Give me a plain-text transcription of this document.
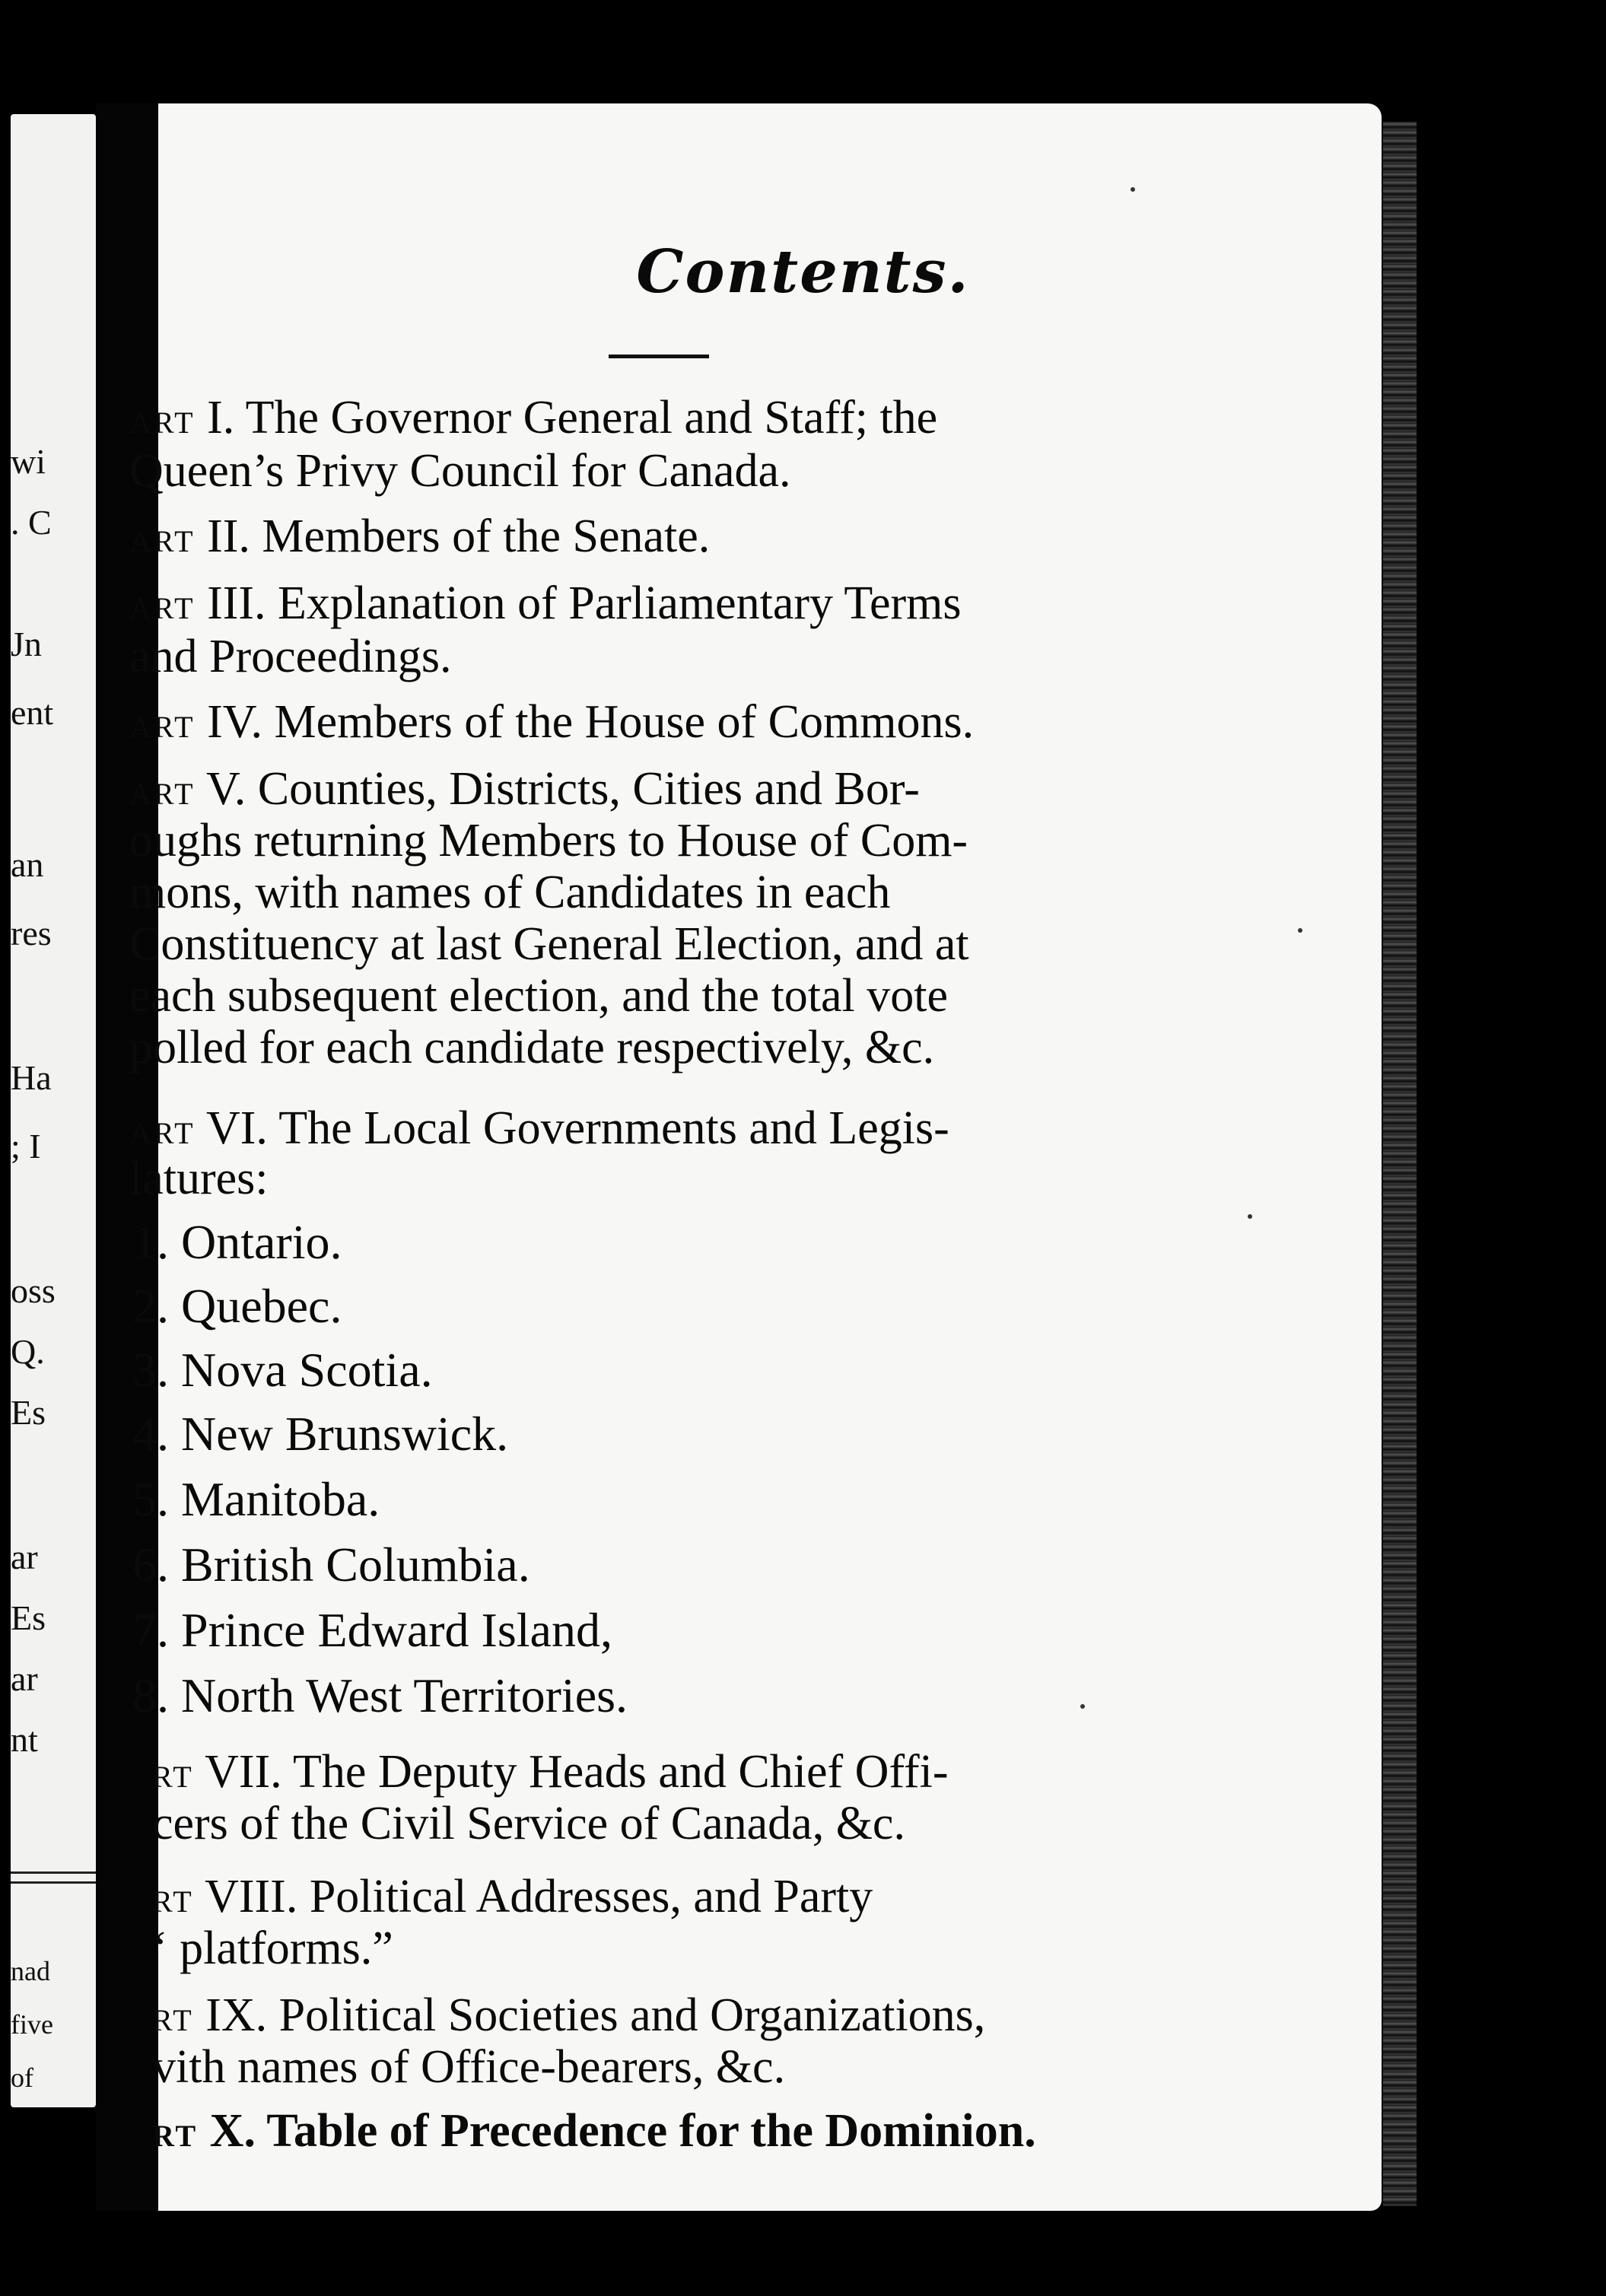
wi
. C
Jn
ent
an
res
Ha
; I
oss
Q.
Es
ar
Es
ar
nt
nad
five
of
Contents.
ART I. The Governor General and Staff; the
Queen’s Privy Council for Canada.
ART II. Members of the Senate.
ART III. Explanation of Parliamentary Terms
and Proceedings.
ART IV. Members of the House of Commons.
ART V. Counties, Districts, Cities and Bor-
oughs returning Members to House of Com-
mons, with names of Candidates in each
Constituency at last General Election, and at
each subsequent election, and the total vote
polled for each candidate respectively, &c.
ART VI. The Local Governments and Legis-
latures:
1. Ontario.
2. Quebec.
3. Nova Scotia.
4. New Brunswick.
5. Manitoba.
6. British Columbia.
7. Prince Edward Island,
8. North West Territories.
RT VII. The Deputy Heads and Chief Offi-
cers of the Civil Service of Canada, &c.
RT VIII. Political Addresses, and Party
‘ platforms.”
RT IX. Political Societies and Organizations,
vith names of Office-bearers, &c.
RT X. Table of Precedence for the Dominion.
